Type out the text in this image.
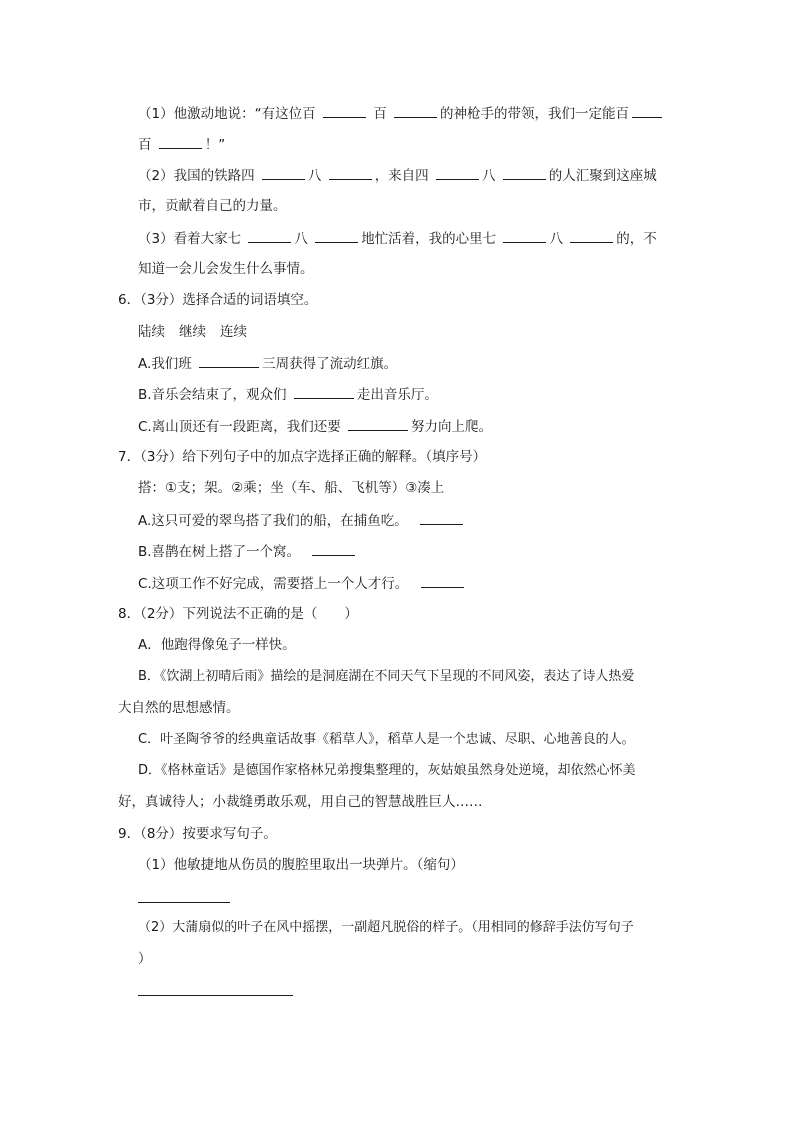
（1）他激动地说：“有这位百	百	的神枪手的带领，我们一定能百
百	！”
（2）我国的铁路四	八	，来自四	八	的人汇聚到这座城
市，贡献着自己的力量。
（3）看着大家七	八	地忙活着，我的心里七	八	的，不
知道一会儿会发生什么事情。
6．（3分）选择合适的词语填空。
陆续 继续 连续
A.我们班	三周获得了流动红旗。
B.音乐会结束了，观众们	走出音乐厅。
C.离山顶还有一段距离，我们还要	努力向上爬。
7．（3分）给下列句子中的加点字选择正确的解释。（填序号）
搭：①支；架。②乘；坐（车、船、飞机等）③凑上
A.这只可爱的翠鸟搭了我们的船，在捕鱼吃。
B.喜鹊在树上搭了一个窝。
C.这项工作不好完成，需要搭上一个人才行。
8．（2分）下列说法不正确的是（　　）
A．他跑得像兔子一样快。
B．《饮湖上初晴后雨》描绘的是洞庭湖在不同天气下呈现的不同风姿，表达了诗人热爱
大自然的思想感情。
C．叶圣陶爷爷的经典童话故事《稻草人》，稻草人是一个忠诚、尽职、心地善良的人。
D．《格林童话》是德国作家格林兄弟搜集整理的，灰姑娘虽然身处逆境，却依然心怀美
好，真诚待人；小裁缝勇敢乐观，用自己的智慧战胜巨人……
9．（8分）按要求写句子。
（1）他敏捷地从伤员的腹腔里取出一块弹片。（缩句）
（2）大蒲扇似的叶子在风中摇摆，一副超凡脱俗的样子。（用相同的修辞手法仿写句子
）
